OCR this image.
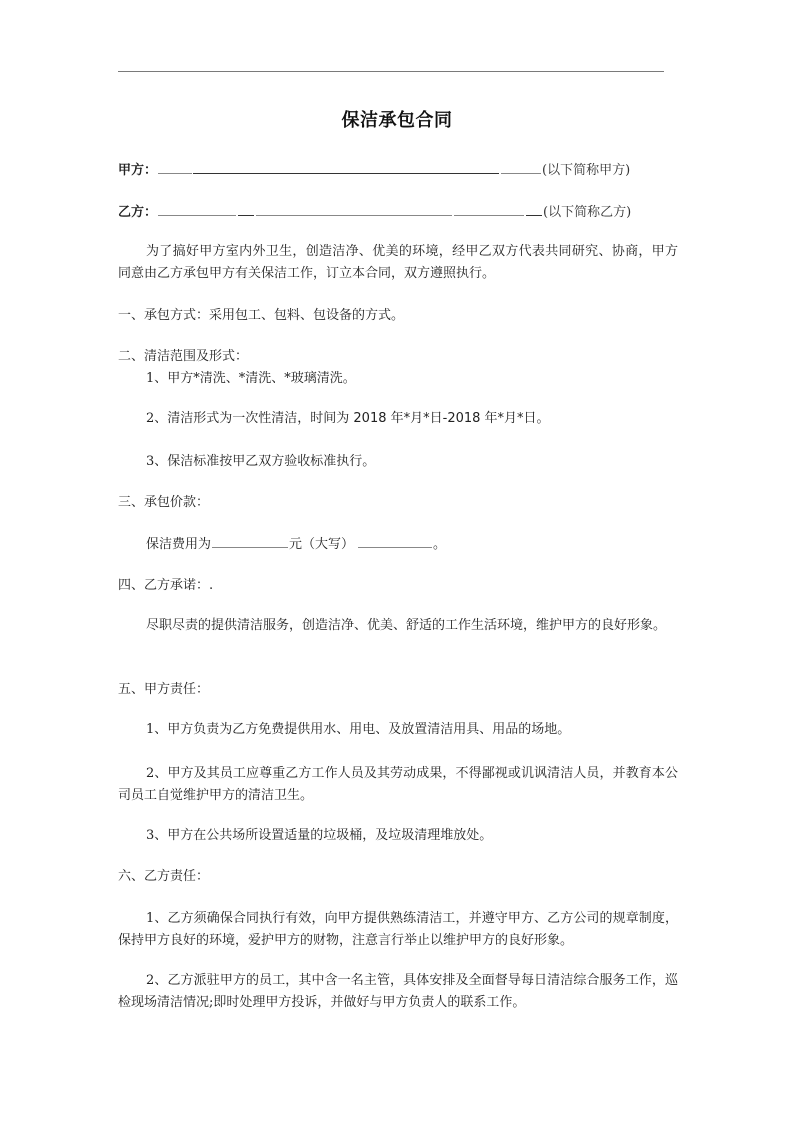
保洁承包合同
甲方：	(以下简称甲方)
乙方：	(以下简称乙方)
为了搞好甲方室内外卫生，创造洁净、优美的环境，经甲乙双方代表共同研究、协商，甲方同意由乙方承包甲方有关保洁工作，订立本合同，双方遵照执行。
一、承包方式：采用包工、包料、包设备的方式。
二、清洁范围及形式：
1、甲方*清洗、*清洗、*玻璃清洗。
2、清洁形式为一次性清洁，时间为 2018 年*月*日-2018 年*月*日。
3、保洁标准按甲乙双方验收标准执行。
三、承包价款：
保洁费用为	元（大写）	。
四、乙方承诺：.
尽职尽责的提供清洁服务，创造洁净、优美、舒适的工作生活环境，维护甲方的良好形象。
五、甲方责任：
1、甲方负责为乙方免费提供用水、用电、及放置清洁用具、用品的场地。
2、甲方及其员工应尊重乙方工作人员及其劳动成果，不得鄙视或讥讽清洁人员，并教育本公司员工自觉维护甲方的清洁卫生。
3、甲方在公共场所设置适量的垃圾桶，及垃圾清理堆放处。
六、乙方责任：
1、乙方须确保合同执行有效，向甲方提供熟练清洁工，并遵守甲方、乙方公司的规章制度，保持甲方良好的环境，爱护甲方的财物，注意言行举止以维护甲方的良好形象。
2、乙方派驻甲方的员工，其中含一名主管，具体安排及全面督导每日清洁综合服务工作，巡检现场清洁情况;即时处理甲方投诉，并做好与甲方负责人的联系工作。
